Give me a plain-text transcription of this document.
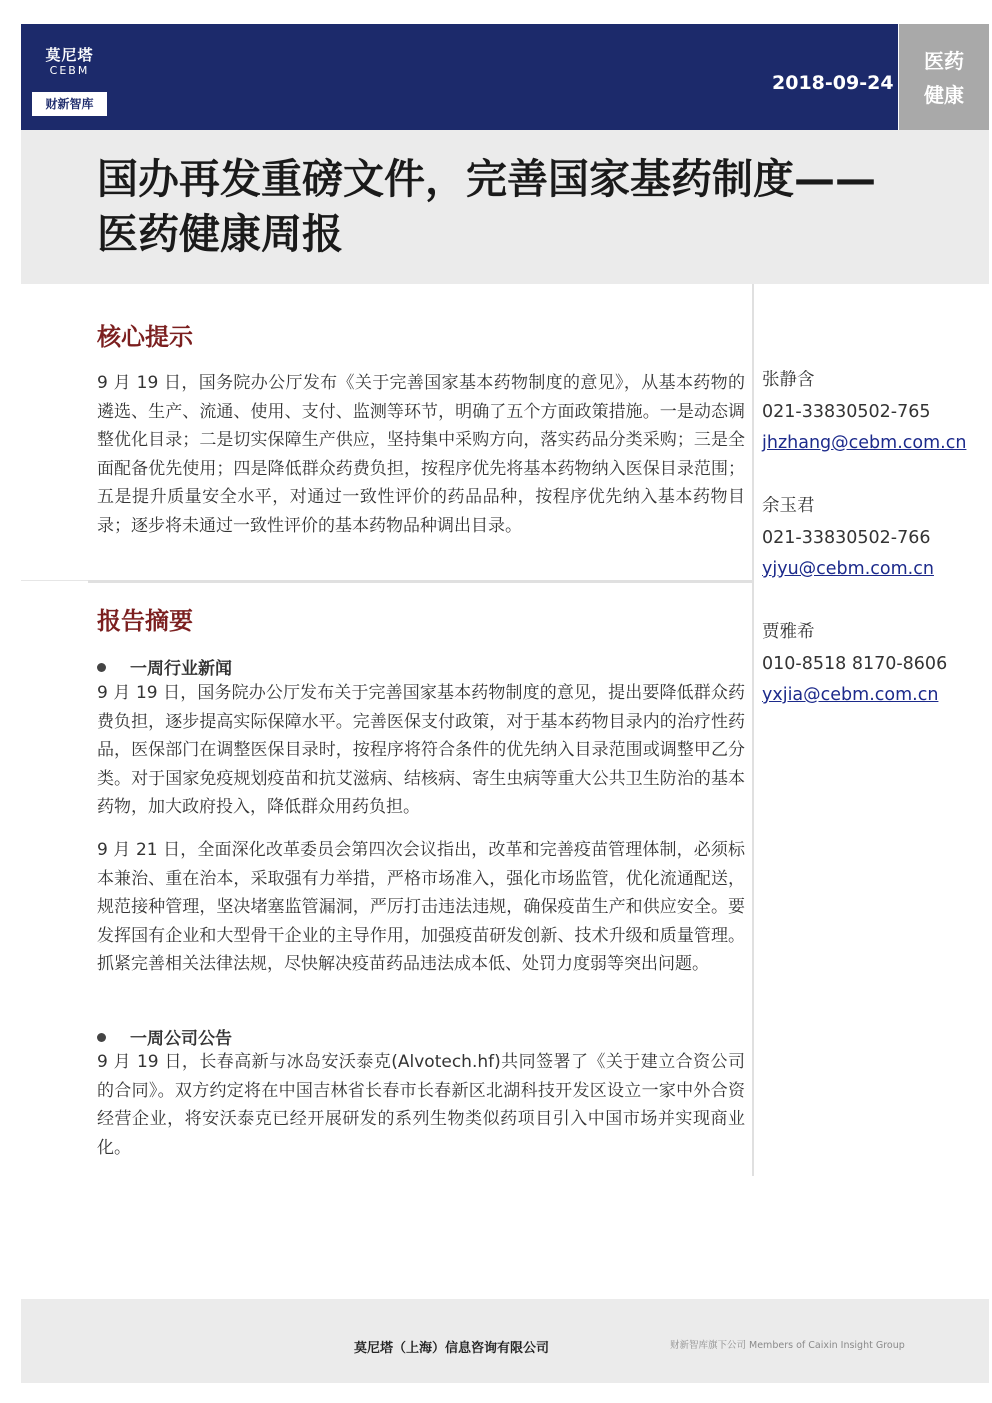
莫尼塔
CEBM
财新智库
2018-09-24
医药
健康
国办再发重磅文件，完善国家基药制度——医药健康周报
核心提示

9 月 19 日，国务院办公厅发布《关于完善国家基本药物制度的意见》，从基本药物的遴选、生产、流通、使用、支付、监测等环节，明确了五个方面政策措施。一是动态调整优化目录；二是切实保障生产供应，坚持集中采购方向，落实药品分类采购；三是全面配备优先使用；四是降低群众药费负担，按程序优先将基本药物纳入医保目录范围；五是提升质量安全水平，对通过一致性评价的药品品种，按程序优先纳入基本药物目录；逐步将未通过一致性评价的基本药物品种调出目录。

报告摘要
一周行业新闻

9 月 19 日，国务院办公厅发布关于完善国家基本药物制度的意见，提出要降低群众药费负担，逐步提高实际保障水平。完善医保支付政策，对于基本药物目录内的治疗性药品，医保部门在调整医保目录时，按程序将符合条件的优先纳入目录范围或调整甲乙分类。对于国家免疫规划疫苗和抗艾滋病、结核病、寄生虫病等重大公共卫生防治的基本药物，加大政府投入，降低群众用药负担。

9 月 21 日，全面深化改革委员会第四次会议指出，改革和完善疫苗管理体制，必须标本兼治、重在治本，采取强有力举措，严格市场准入，强化市场监管，优化流通配送，规范接种管理，坚决堵塞监管漏洞，严厉打击违法违规，确保疫苗生产和供应安全。要发挥国有企业和大型骨干企业的主导作用，加强疫苗研发创新、技术升级和质量管理。抓紧完善相关法律法规，尽快解决疫苗药品违法成本低、处罚力度弱等突出问题。

一周公司公告

9 月 19 日，长春高新与冰岛安沃泰克(Alvotech.hf)共同签署了《关于建立合资公司的合同》。双方约定将在中国吉林省长春市长春新区北湖科技开发区设立一家中外合资经营企业，将安沃泰克已经开展研发的系列生物类似药项目引入中国市场并实现商业化。

张静含
021-33830502-765
jhzhang@cebm.com.cn
余玉君
021-33830502-766
yjyu@cebm.com.cn
贾雅希
010-8518 8170-8606
yxjia@cebm.com.cn
莫尼塔（上海）信息咨询有限公司	财新智库旗下公司 Members of Caixin Insight Group
